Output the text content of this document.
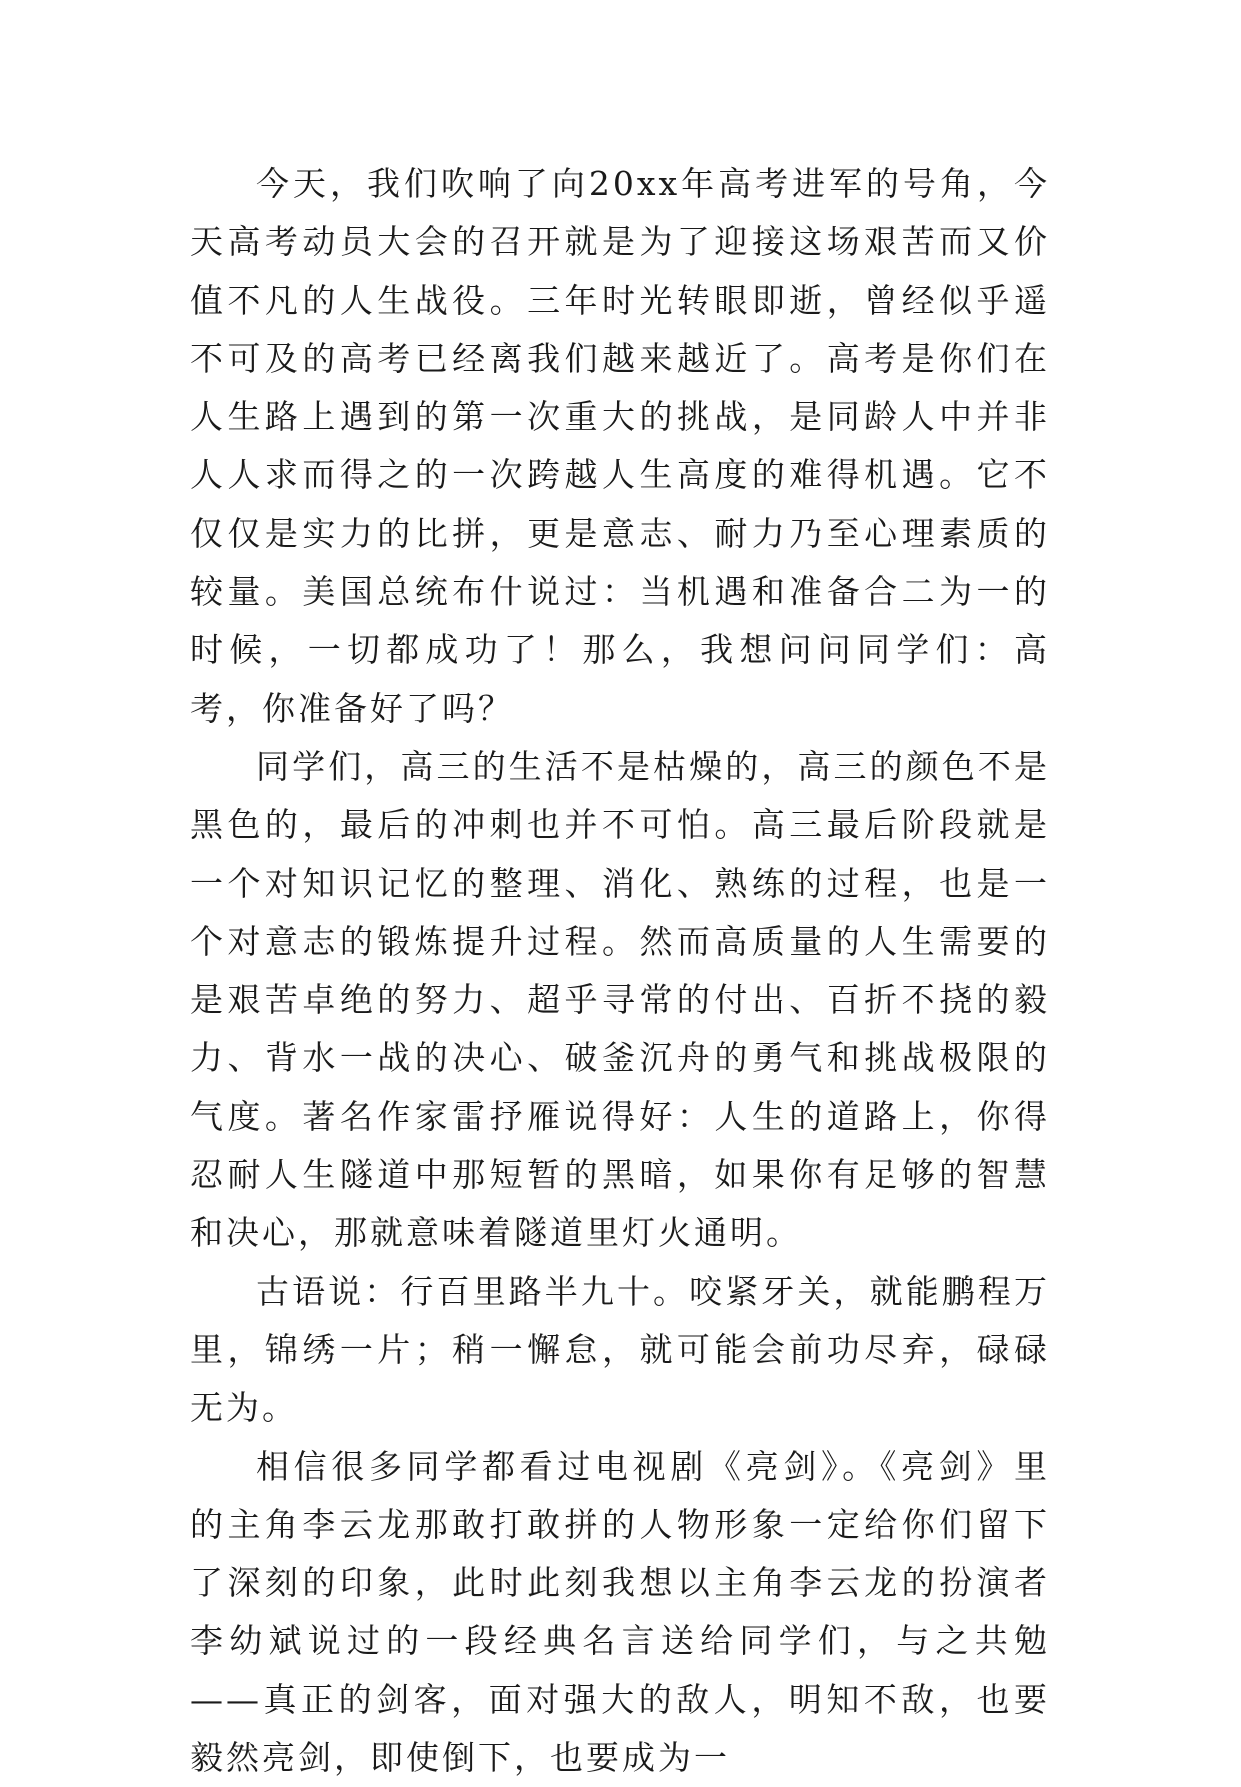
今天，我们吹响了向20xx年高考进军的号角，今天高考动员大会的召开就是为了迎接这场艰苦而又价值不凡的人生战役。三年时光转眼即逝，曾经似乎遥不可及的高考已经离我们越来越近了。高考是你们在人生路上遇到的第一次重大的挑战，是同龄人中并非人人求而得之的一次跨越人生高度的难得机遇。它不仅仅是实力的比拼，更是意志、耐力乃至心理素质的较量。美国总统布什说过：当机遇和准备合二为一的时候，一切都成功了！那么，我想问问同学们：高考，你准备好了吗？

同学们，高三的生活不是枯燥的，高三的颜色不是黑色的，最后的冲刺也并不可怕。高三最后阶段就是一个对知识记忆的整理、消化、熟练的过程，也是一个对意志的锻炼提升过程。然而高质量的人生需要的是艰苦卓绝的努力、超乎寻常的付出、百折不挠的毅力、背水一战的决心、破釜沉舟的勇气和挑战极限的气度。著名作家雷抒雁说得好：人生的道路上，你得忍耐人生隧道中那短暂的黑暗，如果你有足够的智慧和决心，那就意味着隧道里灯火通明。

古语说：行百里路半九十。咬紧牙关，就能鹏程万里，锦绣一片；稍一懈怠，就可能会前功尽弃，碌碌无为。

相信很多同学都看过电视剧《亮剑》。《亮剑》里的主角李云龙那敢打敢拼的人物形象一定给你们留下了深刻的印象，此时此刻我想以主角李云龙的扮演者李幼斌说过的一段经典名言送给同学们，与之共勉——真正的剑客，面对强大的敌人，明知不敌，也要毅然亮剑，即使倒下，也要成为一
